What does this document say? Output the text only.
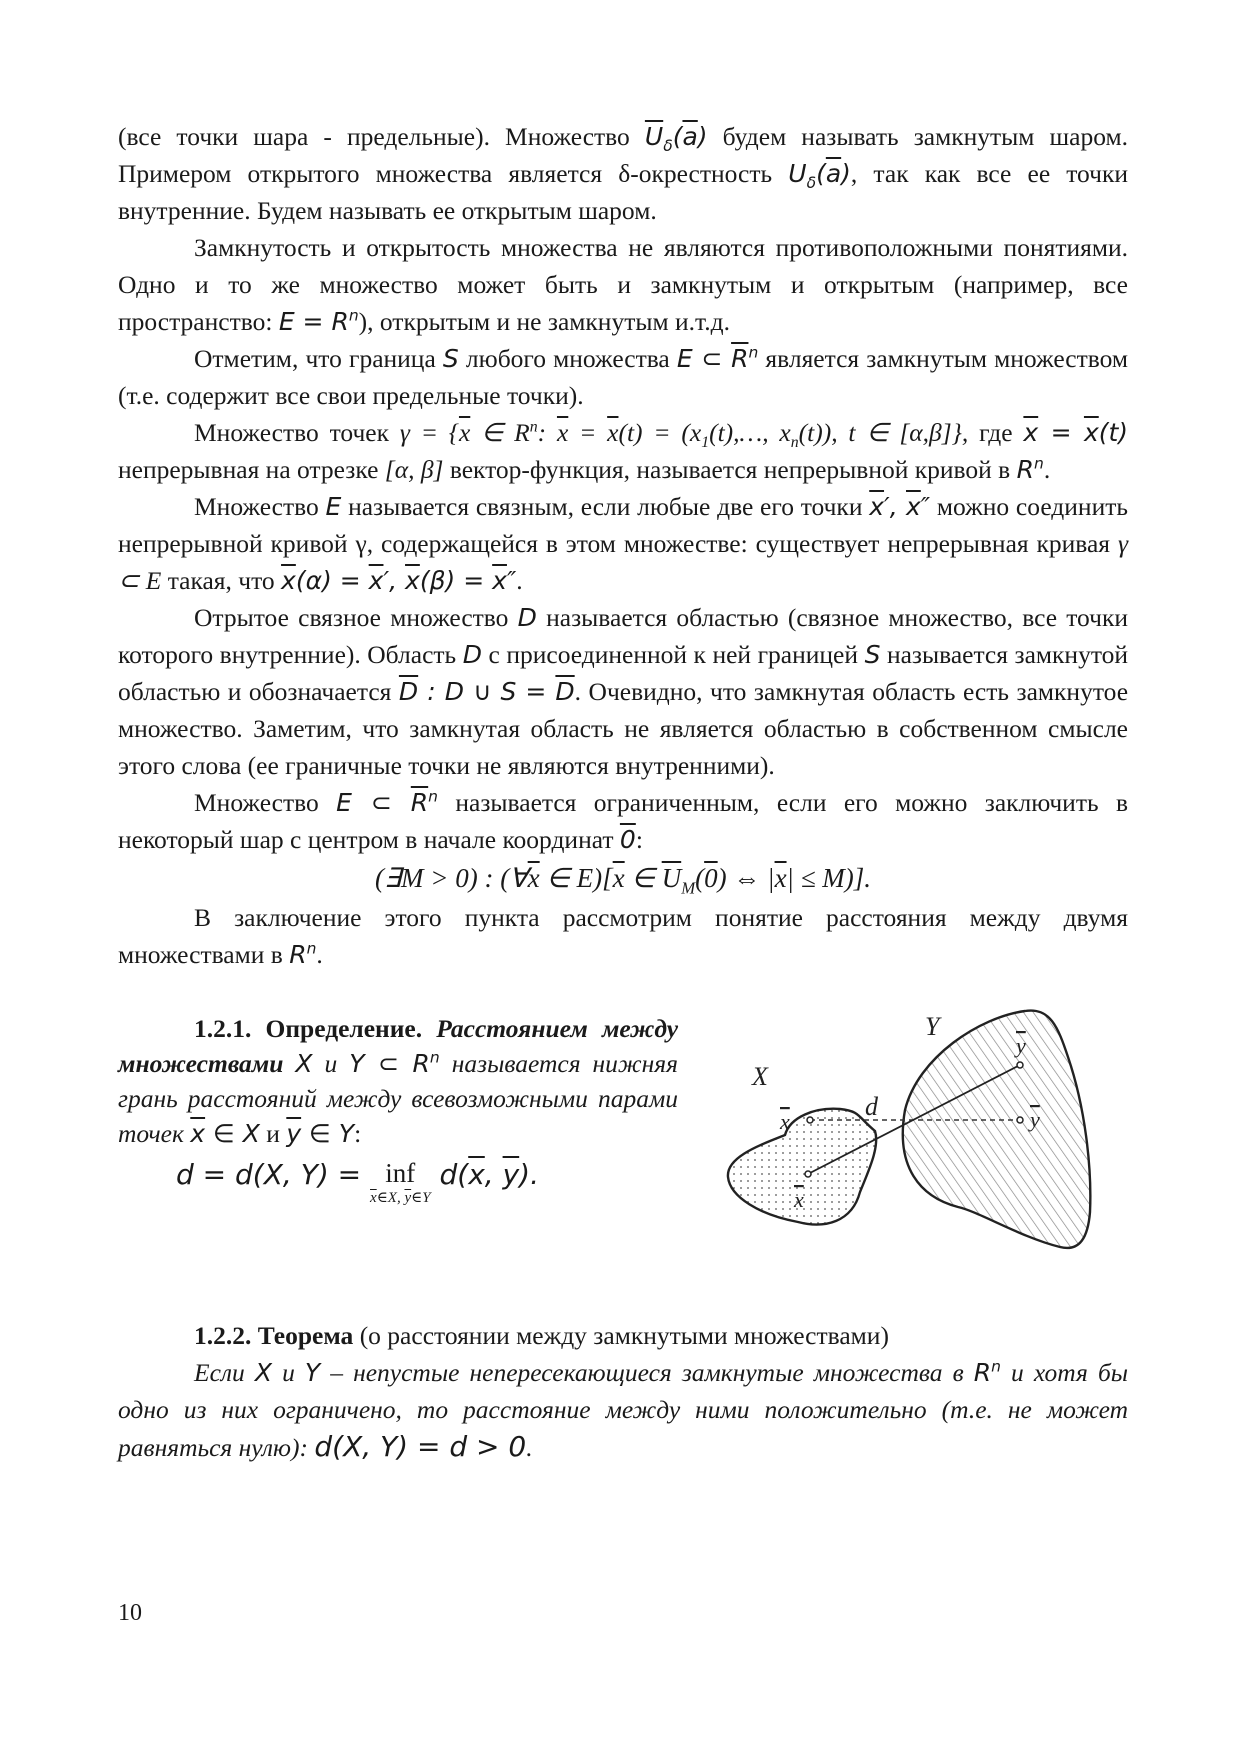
(все точки шара - предельные). Множество $\overline{U}_\delta(\overline{a})$ будем называть замкнутым шаром. Примером открытого множества является δ-окрестность $U_\delta(\overline{a})$, так как все ее точки внутренние. Будем называть ее открытым шаром.

Замкнутость и открытость множества не являются противоположными понятиями. Одно и то же множество может быть и замкнутым и открытым (например, все пространство: $E = R^n$), открытым и не замкнутым и.т.д.

Отметим, что граница S любого множества E ⊂ $\overline{R}^n$ является замкнутым множеством (т.е. содержит все свои предельные точки).

Множество точек $\gamma = \{\overline{x}$ ∈ $R^n$: $\overline{x} = \overline{x}(t)$ = ($x_1(t),\dots$, $x_n(t)$), t ∈ [α,β]}, где $\overline{x} = \overline{x}(t)$ непрерывная на отрезке [α, β] вектор-функция, называется непрерывной кривой в $R^n$.

Множество E называется связным, если любые две его точки $\overline{x}'$, $\overline{x}''$ можно соединить непрерывной кривой γ, содержащейся в этом множестве: существует непрерывная кривая γ ⊂ E такая, что $\overline{x}(\alpha) = \overline{x}'$, $\overline{x}(\beta) = \overline{x}''$.

Отрытое связное множество D называется областью (связное множество, все точки которого внутренние). Область D с присоединенной к ней границей S называется замкнутой областью и обозначается $\overline{D}$ : D ∪ $S = \overline{D}$. Очевидно, что замкнутая область есть замкнутое множество. Заметим, что замкнутая область не является областью в собственном смысле этого слова (ее граничные точки не являются внутренними).

Множество E ⊂ $\overline{R}^n$ называется ограниченным, если его можно заключить в некоторый шар с центром в начале координат 0:

(∃M > 0) : ($\forall\overline{x}$ ∈ $E)[\overline{x}$ ∈ $\overline{U}_M(0)$ ⇔ $|\overline{x}| \le M$)].

В заключение этого пункта рассмотрим понятие расстояния между двумя множествами в $R^n$.

1.2.1. Определение. Расстоянием между множествами X и Y ⊂ $R^n$ называется нижняя грань расстояний между всевозможными парами точек $\overline{x}$ ∈ X и $\overline{y}$ ∈ Y:

d = d(X, Y) = inf
$\overline{x}\in X$, $\overline{y}\in Y$
$d(\overline{x}$, $\overline{y}$).

X
Y
d
x
x
y
y

1.2.2. Теорема (о расстоянии между замкнутыми множествами)

Если X и Y – непустые непересекающиеся замкнутые множества в $R^n$ и хотя бы одно из них ограничено, то расстояние между ними положительно (т.е. не может равняться нулю): d(X, Y) = d > 0.

10
